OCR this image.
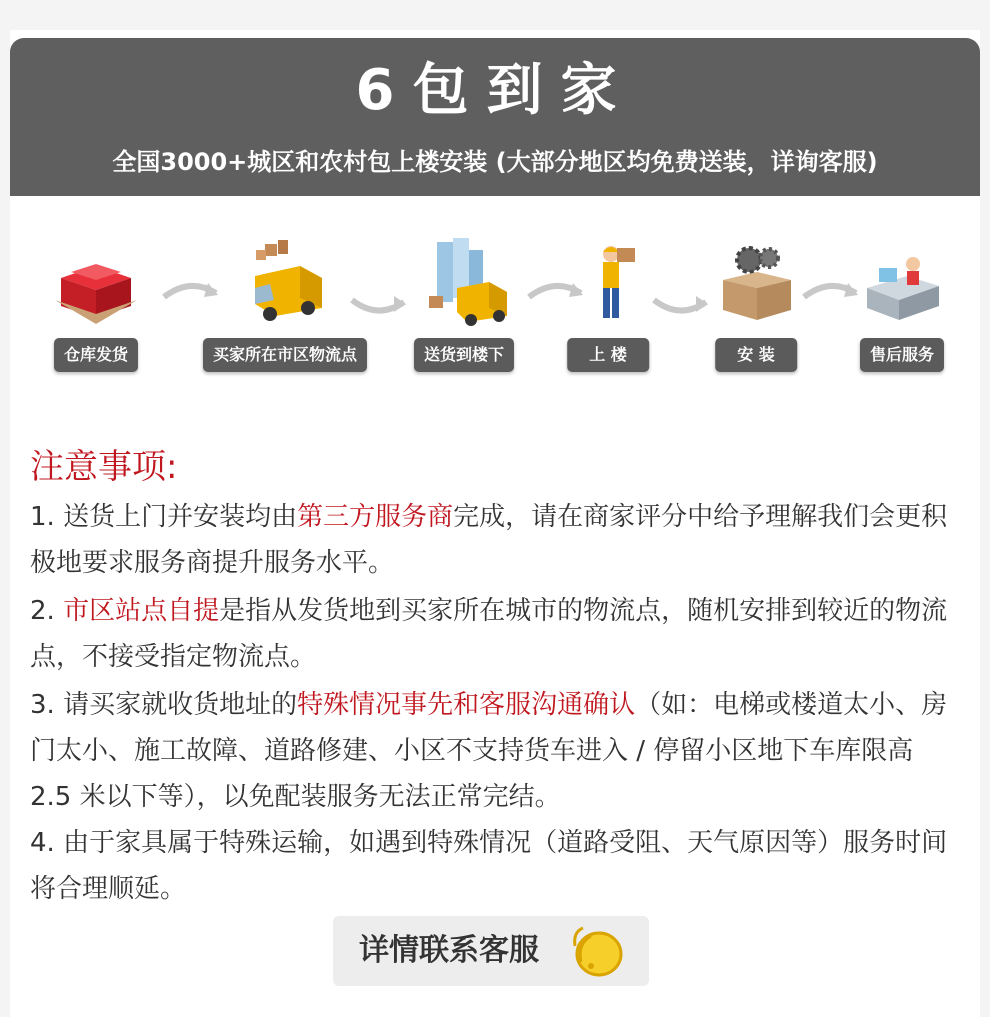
6包到家
全国3000+城区和农村包上楼安装 (大部分地区均免费送装，详询客服)
仓库发货	买家所在市区物流点	送货到楼下	上 楼	安 装	售后服务
注意事项:

1. 送货上门并安装均由第三方服务商完成，请在商家评分中给予理解我们会更积极地要求服务商提升服务水平。

2. 市区站点自提是指从发货地到买家所在城市的物流点，随机安排到较近的物流点，不接受指定物流点。

3. 请买家就收货地址的特殊情况事先和客服沟通确认（如：电梯或楼道太小、房门太小、施工故障、道路修建、小区不支持货车进入 / 停留小区地下车库限高 2.5 米以下等），以免配装服务无法正常完结。

4. 由于家具属于特殊运输，如遇到特殊情况（道路受阻、天气原因等）服务时间将合理顺延。

详情联系客服
